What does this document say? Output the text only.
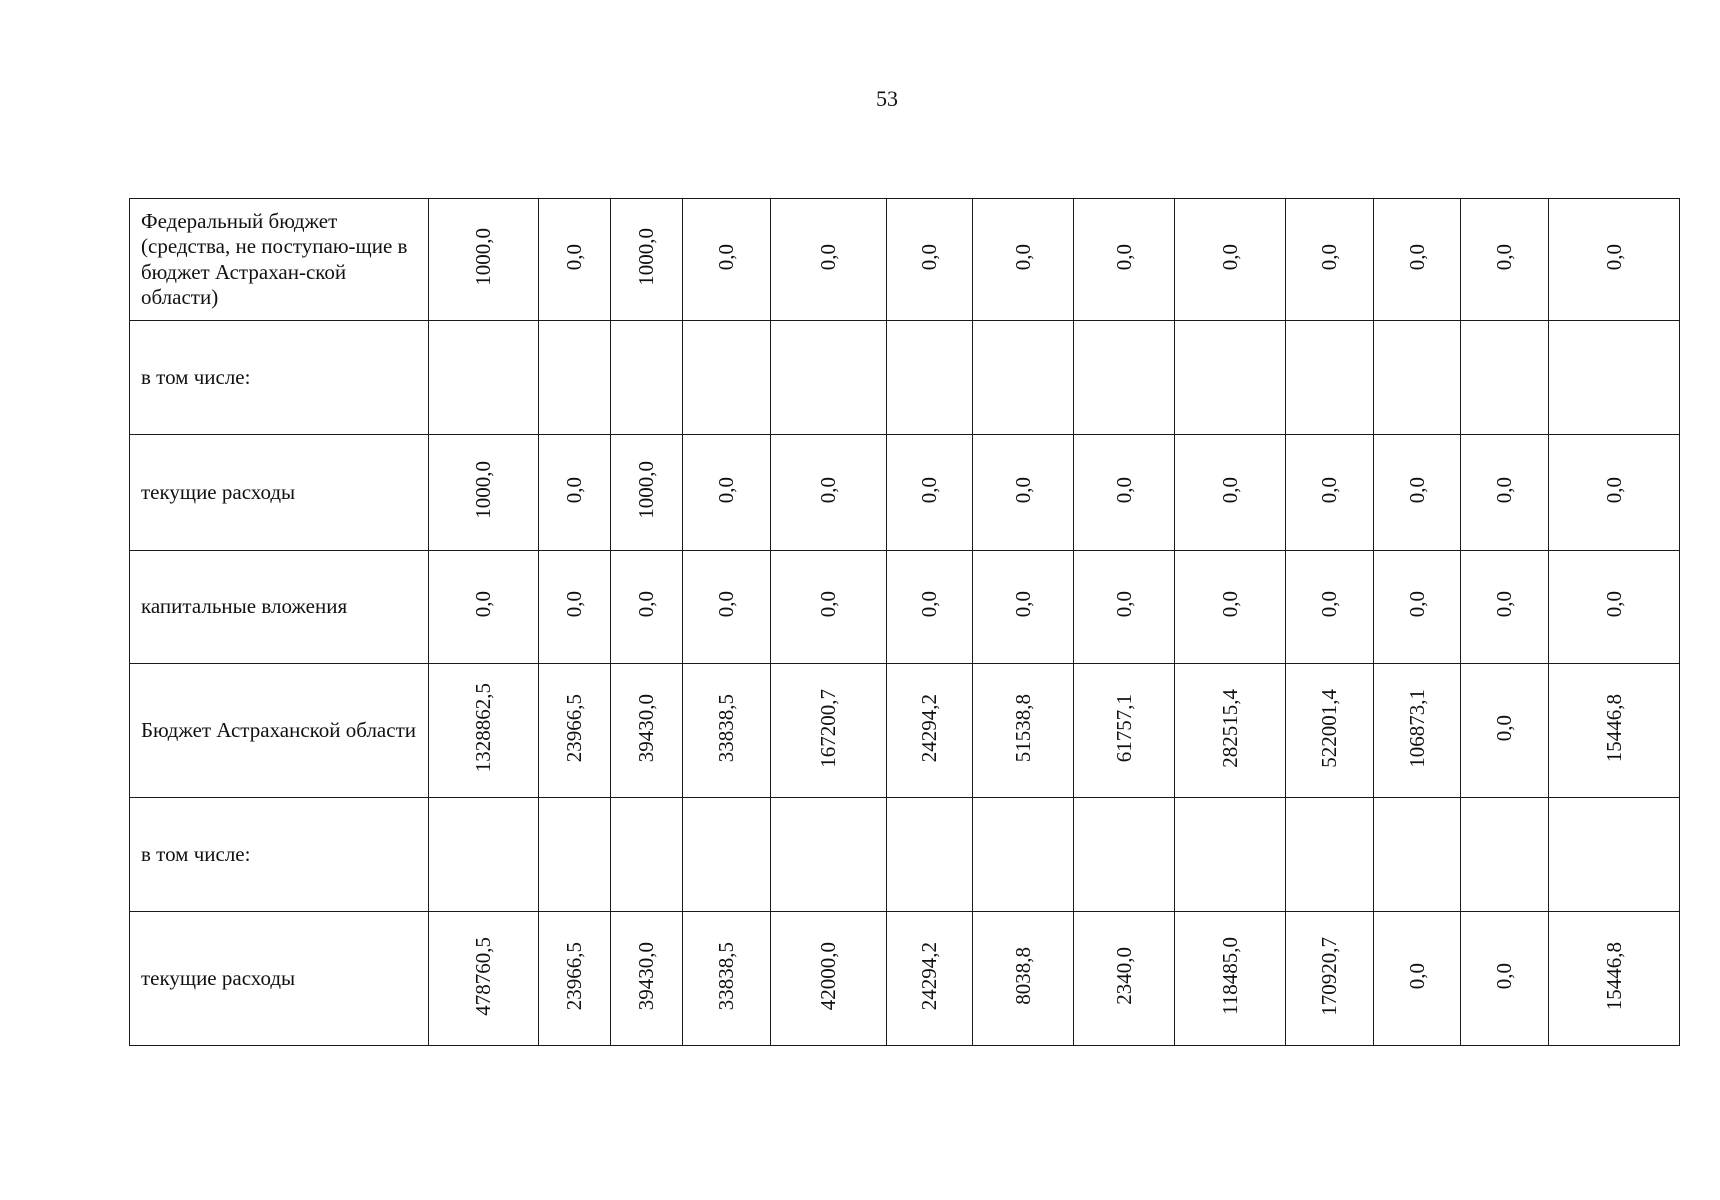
53
Федеральный бюджет (средства, не поступаю-щие в бюджет Астрахан-ской области)	1000,0	0,0	1000,0	0,0	0,0	0,0	0,0	0,0	0,0	0,0	0,0	0,0	0,0
в том числе:													
текущие расходы	1000,0	0,0	1000,0	0,0	0,0	0,0	0,0	0,0	0,0	0,0	0,0	0,0	0,0
капитальные вложения	0,0	0,0	0,0	0,0	0,0	0,0	0,0	0,0	0,0	0,0	0,0	0,0	0,0
Бюджет Астраханской области	1328862,5	23966,5	39430,0	33838,5	167200,7	24294,2	51538,8	61757,1	282515,4	522001,4	106873,1	0,0	15446,8
в том числе:													
текущие расходы	478760,5	23966,5	39430,0	33838,5	42000,0	24294,2	8038,8	2340,0	118485,0	170920,7	0,0	0,0	15446,8
